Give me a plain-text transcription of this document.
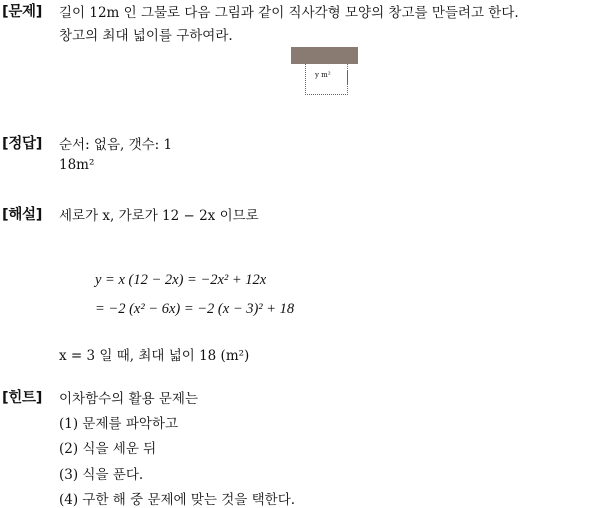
[문제] 길이 12m 인 그물로 다음 그림과 같이 직사각형 모양의 창고를 만들려고 한다.
창고의 최대 넓이를 구하여라.
y m²
[정답] 순서: 없음, 갯수: 1
18m²
[해설] 세로가 x, 가로가 12 − 2x 이므로
y = x (12 − 2x) = −2x² + 12x
= −2 (x² − 6x) = −2 (x − 3)² + 18
x = 3 일 때, 최대 넓이 18 (m²)
[힌트] 이차함수의 활용 문제는
(1) 문제를 파악하고
(2) 식을 세운 뒤
(3) 식을 푼다.
(4) 구한 해 중 문제에 맞는 것을 택한다.
